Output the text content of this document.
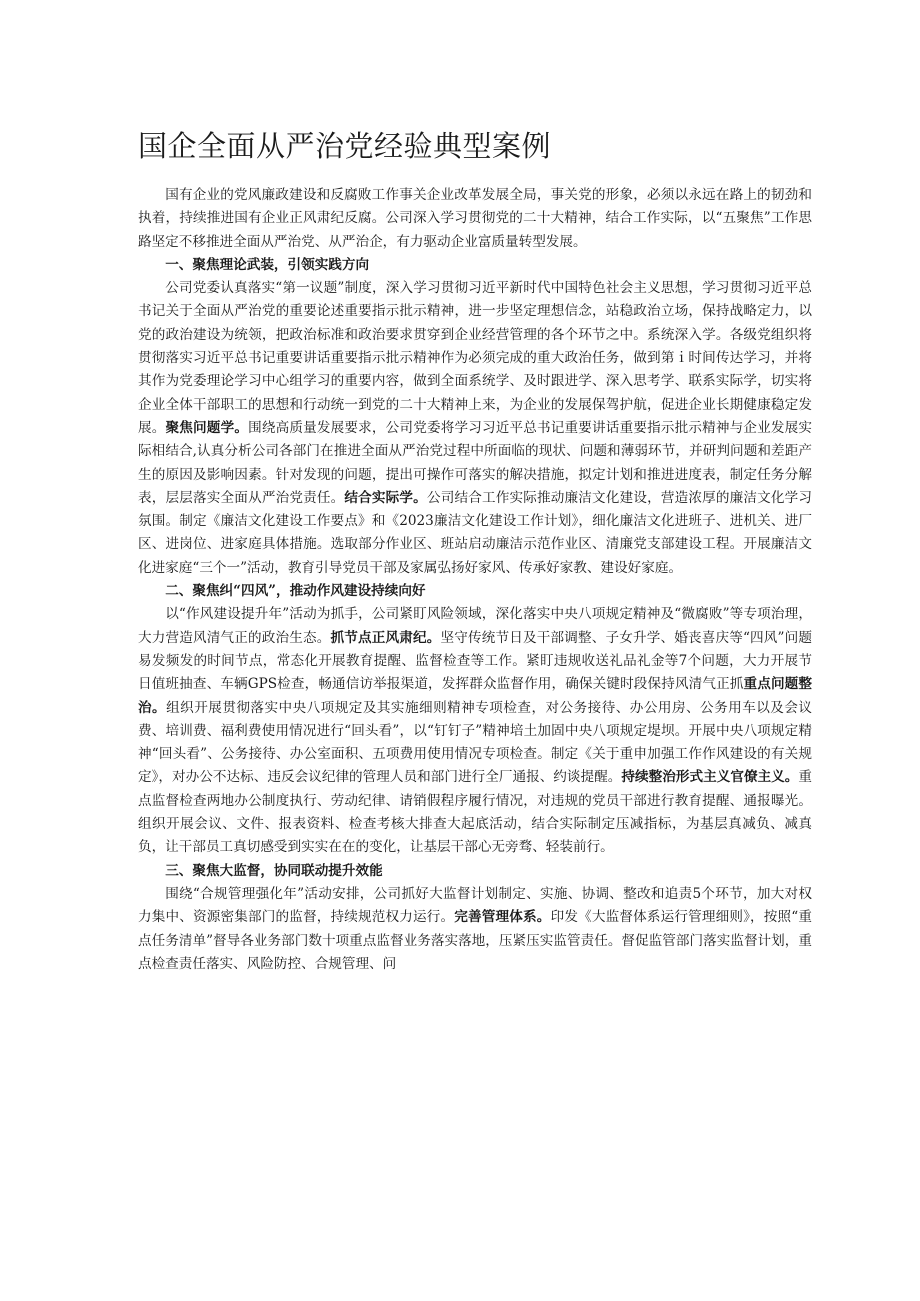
国企全面从严治党经验典型案例

国有企业的党风廉政建设和反腐败工作事关企业改革发展全局，事关党的形象，必须以永远在路上的韧劲和执着，持续推进国有企业正风肃纪反腐。公司深入学习贯彻党的二十大精神，结合工作实际，以“五聚焦”工作思路坚定不移推进全面从严治党、从严治企，有力驱动企业富质量转型发展。

一、聚焦理论武装，引领实践方向

公司党委认真落实“第一议题”制度，深入学习贯彻习近平新时代中国特色社会主义思想，学习贯彻习近平总书记关于全面从严治党的重要论述重要指示批示精神，进一步坚定理想信念，站稳政治立场，保持战略定力，以党的政治建设为统领，把政治标准和政治要求贯穿到企业经营管理的各个环节之中。系统深入学。各级党组织将贯彻落实习近平总书记重要讲话重要指示批示精神作为必须完成的重大政治任务，做到第ｉ时间传达学习，并将其作为党委理论学习中心组学习的重要内容，做到全面系统学、及时跟进学、深入思考学、联系实际学，切实将企业全体干部职工的思想和行动统一到党的二十大精神上来，为企业的发展保驾护航，促进企业长期健康稳定发展。聚焦问题学。围绕高质量发展要求，公司党委将学习习近平总书记重要讲话重要指示批示精神与企业发展实际相结合,认真分析公司各部门在推进全面从严治党过程中所面临的现状、问题和薄弱环节，并研判问题和差距产生的原因及影响因素。针对发现的问题，提出可操作可落实的解决措施，拟定计划和推进进度表，制定任务分解表，层层落实全面从严治党责任。结合实际学。公司结合工作实际推动廉洁文化建设，营造浓厚的廉洁文化学习氛围。制定《廉洁文化建设工作要点》和《2023廉洁文化建设工作计划》，细化廉洁文化进班子、进机关、进厂区、进岗位、进家庭具体措施。选取部分作业区、班站启动廉洁示范作业区、清廉党支部建设工程。开展廉洁文化进家庭“三个一”活动，教育引导党员干部及家属弘扬好家风、传承好家教、建设好家庭。

二、聚焦纠“四风”，推动作风建设持续向好

以“作风建设提升年”活动为抓手，公司紧盯风险领域，深化落实中央八项规定精神及“微腐败”等专项治理，大力营造风清气正的政治生态。抓节点正风肃纪。坚守传统节日及干部调整、子女升学、婚丧喜庆等“四风”问题易发频发的时间节点，常态化开展教育提醒、监督检查等工作。紧盯违规收送礼品礼金等7个问题，大力开展节日值班抽查、车辆GPS检查，畅通信访举报渠道，发挥群众监督作用，确保关键时段保持风清气正抓重点问题整治。组织开展贯彻落实中央八项规定及其实施细则精神专项检查，对公务接待、办公用房、公务用车以及会议费、培训费、福利费使用情况进行“回头看”，以“钉钉子”精神培土加固中央八项规定堤坝。开展中央八项规定精神“回头看”、公务接待、办公室面积、五项费用使用情况专项检查。制定《关于重申加强工作作风建设的有关规定》，对办公不达标、违反会议纪律的管理人员和部门进行全厂通报、约谈提醒。持续整治形式主义官僚主义。重点监督检查两地办公制度执行、劳动纪律、请销假程序履行情况，对违规的党员干部进行教育提醒、通报曝光。组织开展会议、文件、报表资料、检查考核大排查大起底活动，结合实际制定压减指标，为基层真减负、减真负，让干部员工真切感受到实实在在的变化，让基层干部心无旁骛、轻装前行。

三、聚焦大监督，协同联动提升效能

围绕“合规管理强化年”活动安排，公司抓好大监督计划制定、实施、协调、整改和追责5个环节，加大对权力集中、资源密集部门的监督，持续规范权力运行。完善管理体系。印发《大监督体系运行管理细则》，按照“重点任务清单”督导各业务部门数十项重点监督业务落实落地，压紧压实监管责任。督促监管部门落实监督计划，重点检查责任落实、风险防控、合规管理、问
